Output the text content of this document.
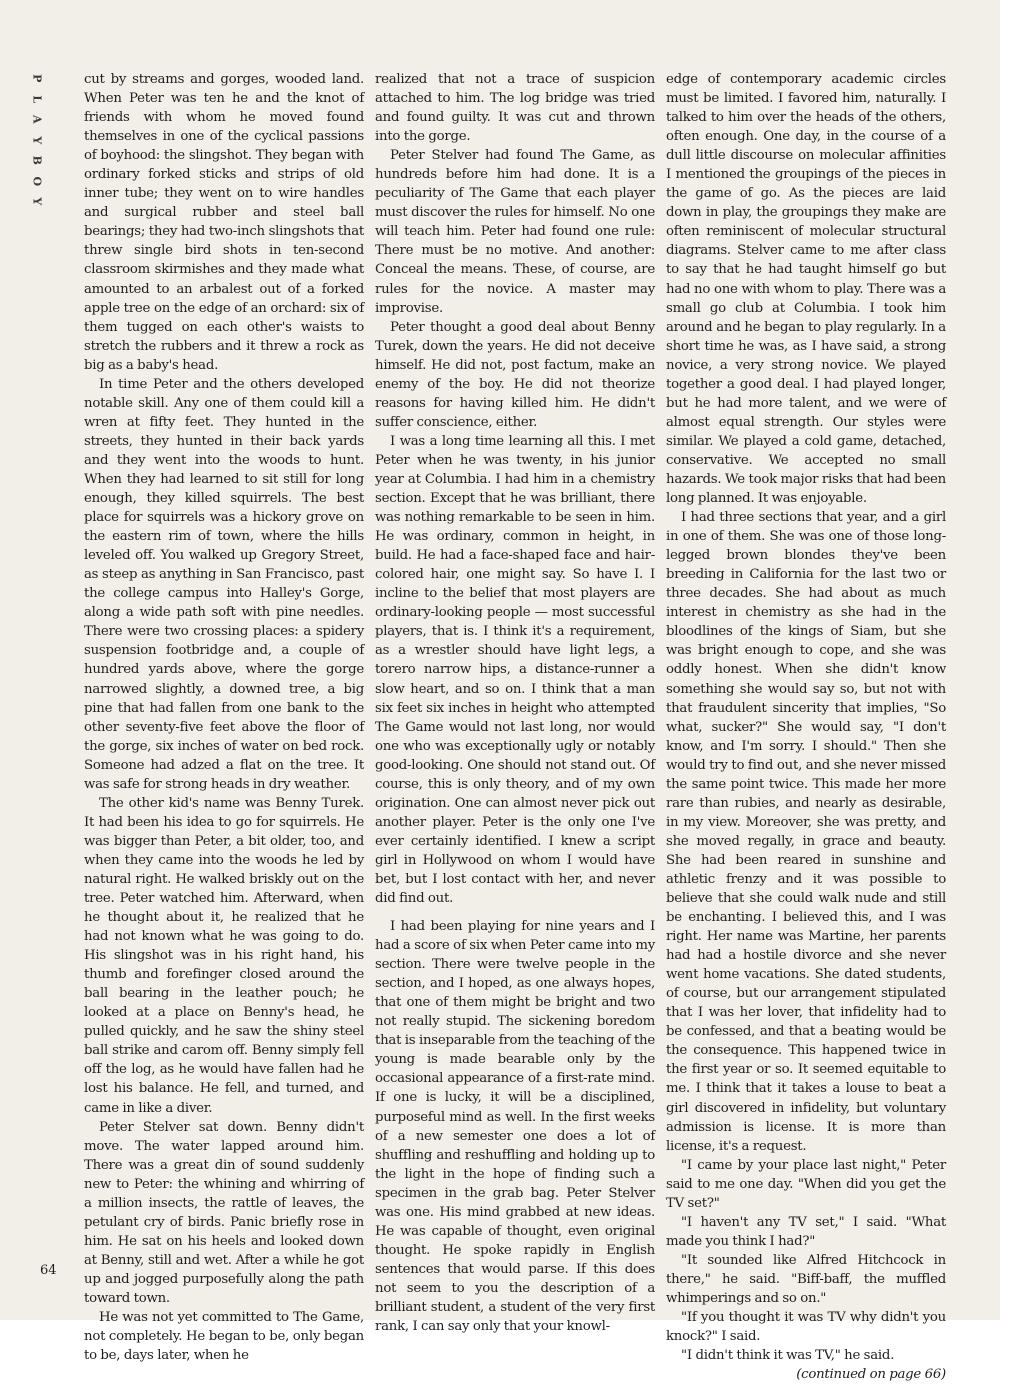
P
L
A
Y
B
O
Y

cut by streams and gorges, wooded land. When Peter was ten he and the knot of friends with whom he moved found themselves in one of the cyclical passions of boyhood: the slingshot. They began with ordinary forked sticks and strips of old inner tube; they went on to wire handles and surgical rubber and steel ball bearings; they had two-inch slingshots that threw single bird shots in ten-second classroom skirmishes and they made what amounted to an arbalest out of a forked apple tree on the edge of an orchard: six of them tugged on each other's waists to stretch the rubbers and it threw a rock as big as a baby's head.

In time Peter and the others developed notable skill. Any one of them could kill a wren at fifty feet. They hunted in the streets, they hunted in their back yards and they went into the woods to hunt. When they had learned to sit still for long enough, they killed squirrels. The best place for squirrels was a hickory grove on the eastern rim of town, where the hills leveled off. You walked up Gregory Street, as steep as anything in San Francisco, past the college campus into Halley's Gorge, along a wide path soft with pine needles. There were two crossing places: a spidery suspension footbridge and, a couple of hundred yards above, where the gorge narrowed slightly, a downed tree, a big pine that had fallen from one bank to the other seventy-five feet above the floor of the gorge, six inches of water on bed rock. Someone had adzed a flat on the tree. It was safe for strong heads in dry weather.

The other kid's name was Benny Turek. It had been his idea to go for squirrels. He was bigger than Peter, a bit older, too, and when they came into the woods he led by natural right. He walked briskly out on the tree. Peter watched him. Afterward, when he thought about it, he realized that he had not known what he was going to do. His slingshot was in his right hand, his thumb and forefinger closed around the ball bearing in the leather pouch; he looked at a place on Benny's head, he pulled quickly, and he saw the shiny steel ball strike and carom off. Benny simply fell off the log, as he would have fallen had he lost his balance. He fell, and turned, and came in like a diver.

Peter Stelver sat down. Benny didn't move. The water lapped around him. There was a great din of sound suddenly new to Peter: the whining and whirring of a million insects, the rattle of leaves, the petulant cry of birds. Panic briefly rose in him. He sat on his heels and looked down at Benny, still and wet. After a while he got up and jogged purposefully along the path toward town.

He was not yet committed to The Game, not completely. He began to be, only began to be, days later, when he

realized that not a trace of suspicion attached to him. The log bridge was tried and found guilty. It was cut and thrown into the gorge.

Peter Stelver had found The Game, as hundreds before him had done. It is a peculiarity of The Game that each player must discover the rules for himself. No one will teach him. Peter had found one rule: There must be no motive. And another: Conceal the means. These, of course, are rules for the novice. A master may improvise.

Peter thought a good deal about Benny Turek, down the years. He did not deceive himself. He did not, post factum, make an enemy of the boy. He did not theorize reasons for having killed him. He didn't suffer conscience, either.

I was a long time learning all this. I met Peter when he was twenty, in his junior year at Columbia. I had him in a chemistry section. Except that he was brilliant, there was nothing remarkable to be seen in him. He was ordinary, common in height, in build. He had a face-shaped face and hair-colored hair, one might say. So have I. I incline to the belief that most players are ordinary-looking people — most successful players, that is. I think it's a requirement, as a wrestler should have light legs, a torero narrow hips, a distance-runner a slow heart, and so on. I think that a man six feet six inches in height who attempted The Game would not last long, nor would one who was exceptionally ugly or notably good-looking. One should not stand out. Of course, this is only theory, and of my own origination. One can almost never pick out another player. Peter is the only one I've ever certainly identified. I knew a script girl in Hollywood on whom I would have bet, but I lost contact with her, and never did find out.

I had been playing for nine years and I had a score of six when Peter came into my section. There were twelve people in the section, and I hoped, as one always hopes, that one of them might be bright and two not really stupid. The sickening boredom that is inseparable from the teaching of the young is made bearable only by the occasional appearance of a first-rate mind. If one is lucky, it will be a disciplined, purposeful mind as well. In the first weeks of a new semester one does a lot of shuffling and reshuffling and holding up to the light in the hope of finding such a specimen in the grab bag. Peter Stelver was one. His mind grabbed at new ideas. He was capable of thought, even original thought. He spoke rapidly in English sentences that would parse. If this does not seem to you the description of a brilliant student, a student of the very first rank, I can say only that your knowl-

edge of contemporary academic circles must be limited. I favored him, naturally. I talked to him over the heads of the others, often enough. One day, in the course of a dull little discourse on molecular affinities I mentioned the groupings of the pieces in the game of go. As the pieces are laid down in play, the groupings they make are often reminiscent of molecular structural diagrams. Stelver came to me after class to say that he had taught himself go but had no one with whom to play. There was a small go club at Columbia. I took him around and he began to play regularly. In a short time he was, as I have said, a strong novice, a very strong novice. We played together a good deal. I had played longer, but he had more talent, and we were of almost equal strength. Our styles were similar. We played a cold game, detached, conservative. We accepted no small hazards. We took major risks that had been long planned. It was enjoyable.

I had three sections that year, and a girl in one of them. She was one of those long-legged brown blondes they've been breeding in California for the last two or three decades. She had about as much interest in chemistry as she had in the bloodlines of the kings of Siam, but she was bright enough to cope, and she was oddly honest. When she didn't know something she would say so, but not with that fraudulent sincerity that implies, "So what, sucker?" She would say, "I don't know, and I'm sorry. I should." Then she would try to find out, and she never missed the same point twice. This made her more rare than rubies, and nearly as desirable, in my view. Moreover, she was pretty, and she moved regally, in grace and beauty. She had been reared in sunshine and athletic frenzy and it was possible to believe that she could walk nude and still be enchanting. I believed this, and I was right. Her name was Martine, her parents had had a hostile divorce and she never went home vacations. She dated students, of course, but our arrangement stipulated that I was her lover, that infidelity had to be confessed, and that a beating would be the consequence. This happened twice in the first year or so. It seemed equitable to me. I think that it takes a louse to beat a girl discovered in infidelity, but voluntary admission is license. It is more than license, it's a request.

"I came by your place last night," Peter said to me one day. "When did you get the TV set?"

"I haven't any TV set," I said. "What made you think I had?"

"It sounded like Alfred Hitchcock in there," he said. "Biff-baff, the muffled whimperings and so on."

"If you thought it was TV why didn't you knock?" I said.

"I didn't think it was TV," he said.

(continued on page 66)

64
